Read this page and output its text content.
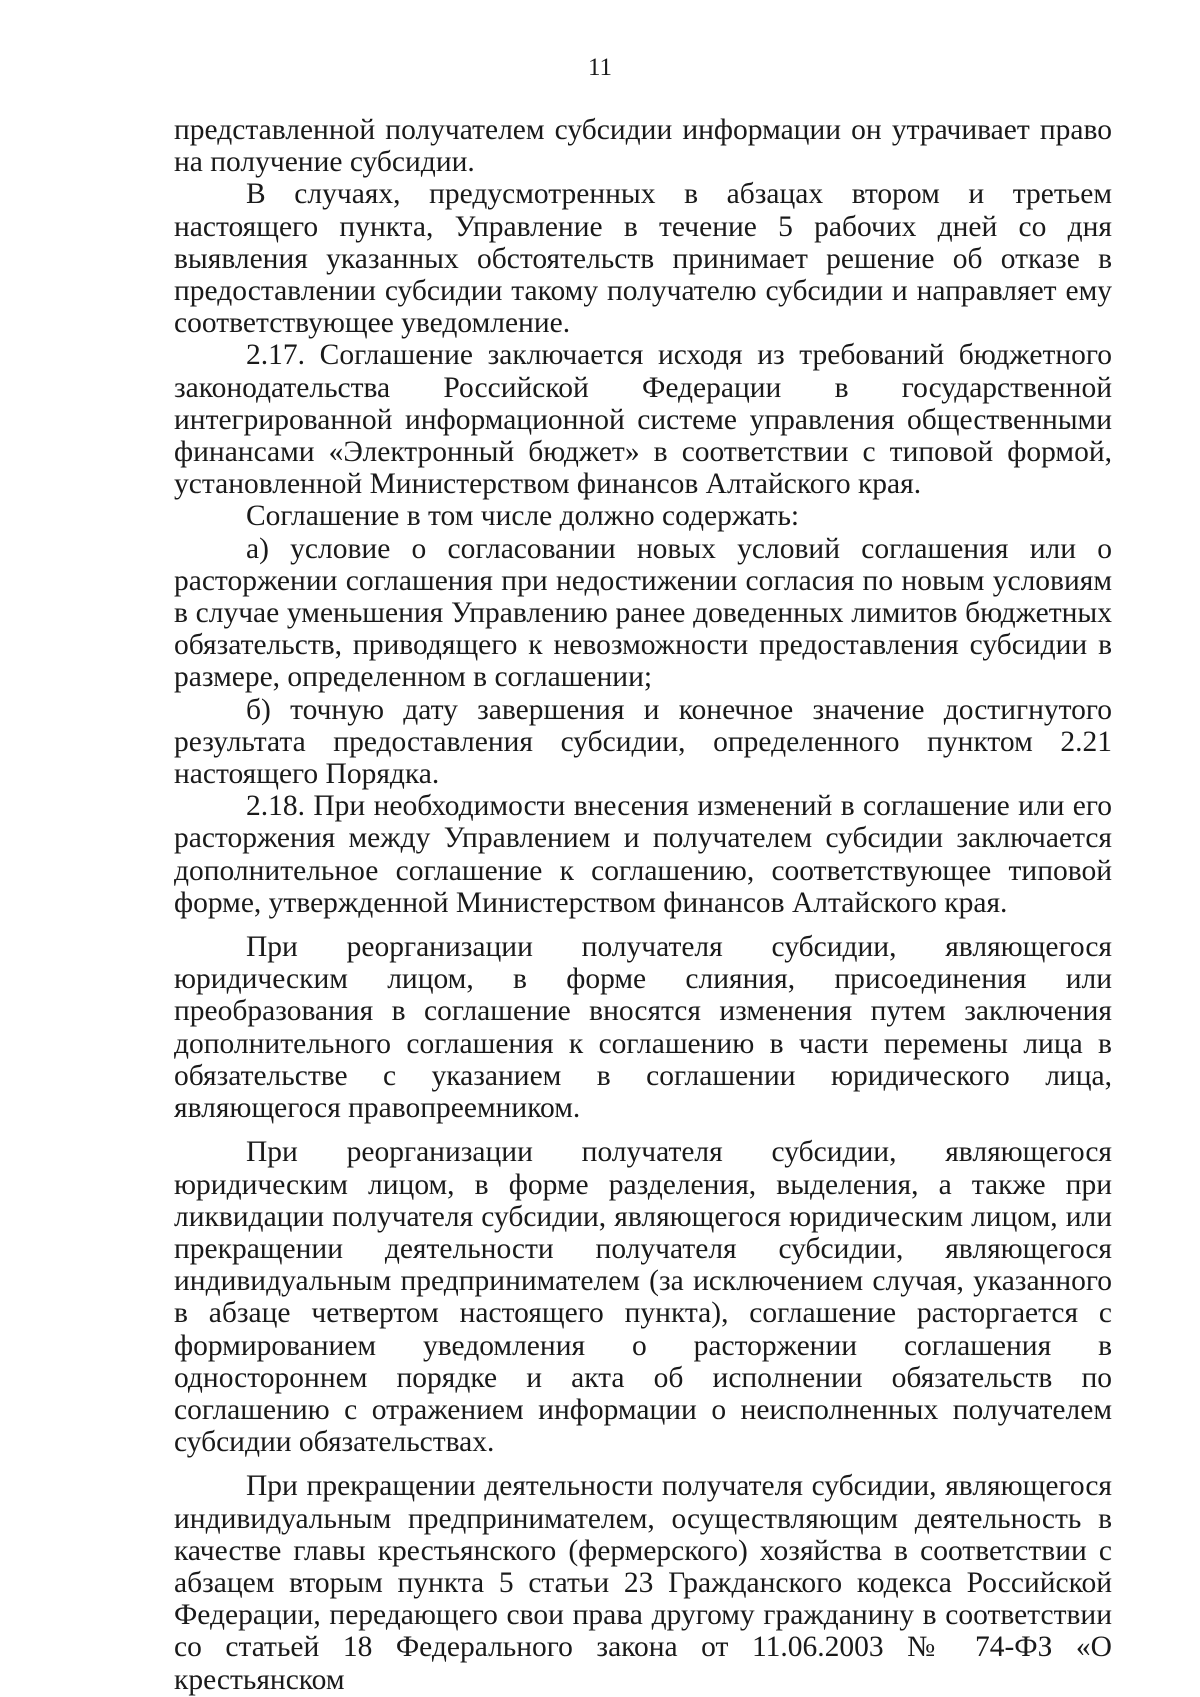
11

представленной получателем субсидии информации он утрачивает право на получение субсидии.

В случаях, предусмотренных в абзацах втором и третьем настоящего пункта, Управление в течение 5 рабочих дней со дня выявления указанных обстоятельств принимает решение об отказе в предоставлении субсидии такому получателю субсидии и направляет ему соответствующее уведомление.

2.17. Соглашение заключается исходя из требований бюджетного законодательства Российской Федерации в государственной интегрированной информационной системе управления общественными финансами «Электронный бюджет» в соответствии с типовой формой, установленной Министерством финансов Алтайского края.

Соглашение в том числе должно содержать:

а) условие о согласовании новых условий соглашения или о расторжении соглашения при недостижении согласия по новым условиям в случае уменьшения Управлению ранее доведенных лимитов бюджетных обязательств, приводящего к невозможности предоставления субсидии в размере, определенном в соглашении;

б) точную дату завершения и конечное значение достигнутого результата предоставления субсидии, определенного пунктом 2.21 настоящего Порядка.

2.18. При необходимости внесения изменений в соглашение или его расторжения между Управлением и получателем субсидии заключается дополнительное соглашение к соглашению, соответствующее типовой форме, утвержденной Министерством финансов Алтайского края.

При реорганизации получателя субсидии, являющегося юридическим лицом, в форме слияния, присоединения или преобразования в соглашение вносятся изменения путем заключения дополнительного соглашения к соглашению в части перемены лица в обязательстве с указанием в соглашении юридического лица, являющегося правопреемником.

При реорганизации получателя субсидии, являющегося юридическим лицом, в форме разделения, выделения, а также при ликвидации получателя субсидии, являющегося юридическим лицом, или прекращении деятельности получателя субсидии, являющегося индивидуальным предпринимателем (за исключением случая, указанного в абзаце четвертом настоящего пункта), соглашение расторгается с формированием уведомления о расторжении соглашения в одностороннем порядке и акта об исполнении обязательств по соглашению с отражением информации о неисполненных получателем субсидии обязательствах.

При прекращении деятельности получателя субсидии, являющегося индивидуальным предпринимателем, осуществляющим деятельность в качестве главы крестьянского (фермерского) хозяйства в соответствии с абзацем вторым пункта 5 статьи 23 Гражданского кодекса Российской Федерации, передающего свои права другому гражданину в соответствии со статьей 18 Федерального закона от 11.06.2003 № 74-ФЗ «О крестьянском
